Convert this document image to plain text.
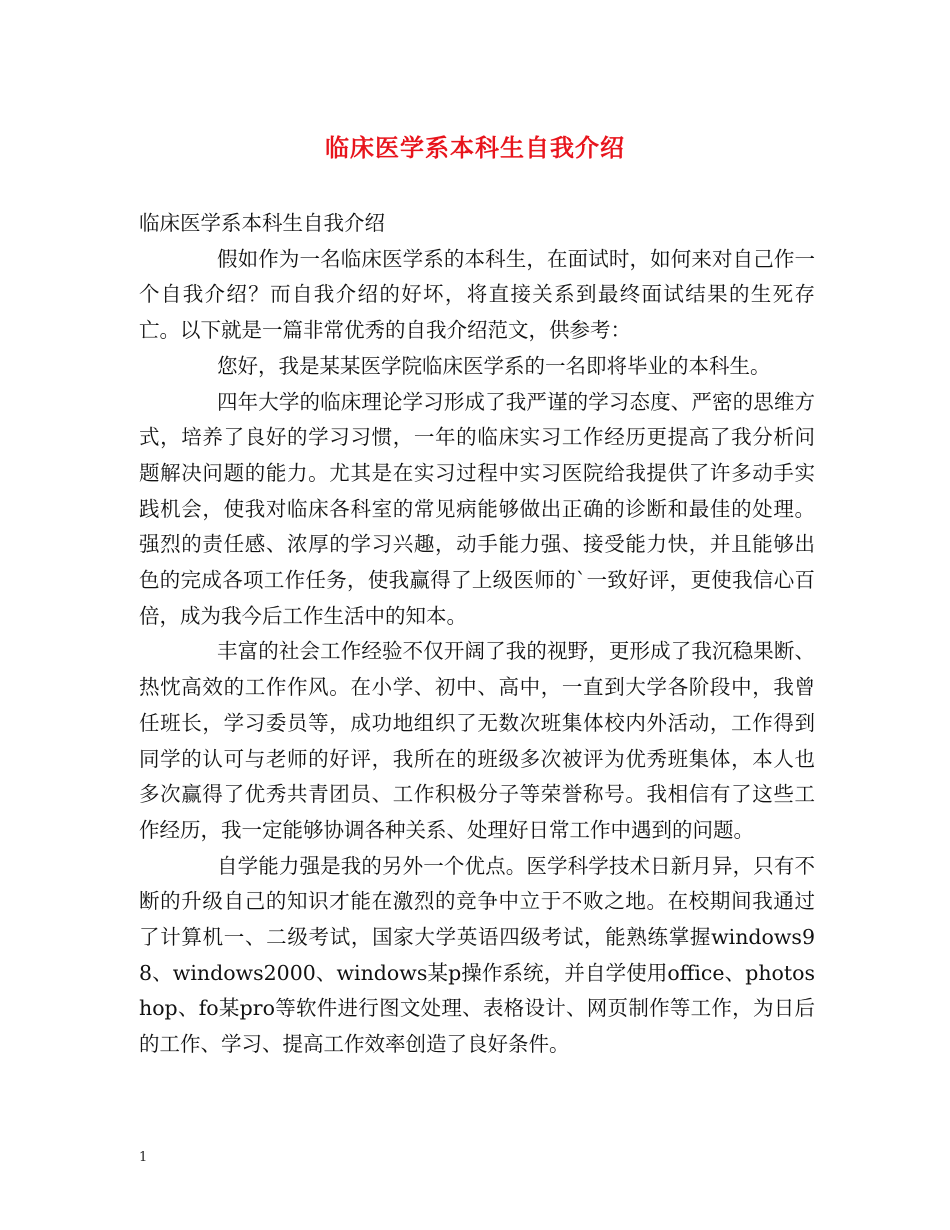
临床医学系本科生自我介绍

临床医学系本科生自我介绍

假如作为一名临床医学系的本科生，在面试时，如何来对自己作一个自我介绍？而自我介绍的好坏，将直接关系到最终面试结果的生死存亡。以下就是一篇非常优秀的自我介绍范文，供参考：

您好，我是某某医学院临床医学系的一名即将毕业的本科生。

四年大学的临床理论学习形成了我严谨的学习态度、严密的思维方式，培养了良好的学习习惯，一年的临床实习工作经历更提高了我分析问题解决问题的能力。尤其是在实习过程中实习医院给我提供了许多动手实践机会，使我对临床各科室的常见病能够做出正确的诊断和最佳的处理。强烈的责任感、浓厚的学习兴趣，动手能力强、接受能力快，并且能够出色的完成各项工作任务，使我赢得了上级医师的`一致好评，更使我信心百倍，成为我今后工作生活中的知本。

丰富的社会工作经验不仅开阔了我的视野，更形成了我沉稳果断、热忱高效的工作作风。在小学、初中、高中，一直到大学各阶段中，我曾任班长，学习委员等，成功地组织了无数次班集体校内外活动，工作得到同学的认可与老师的好评，我所在的班级多次被评为优秀班集体，本人也多次赢得了优秀共青团员、工作积极分子等荣誉称号。我相信有了这些工作经历，我一定能够协调各种关系、处理好日常工作中遇到的问题。

自学能力强是我的另外一个优点。医学科学技术日新月异，只有不断的升级自己的知识才能在激烈的竞争中立于不败之地。在校期间我通过了计算机一、二级考试，国家大学英语四级考试，能熟练掌握windows98、windows2000、windows某p操作系统，并自学使用office、photoshop、fo某pro等软件进行图文处理、表格设计、网页制作等工作，为日后的工作、学习、提高工作效率创造了良好条件。

1
